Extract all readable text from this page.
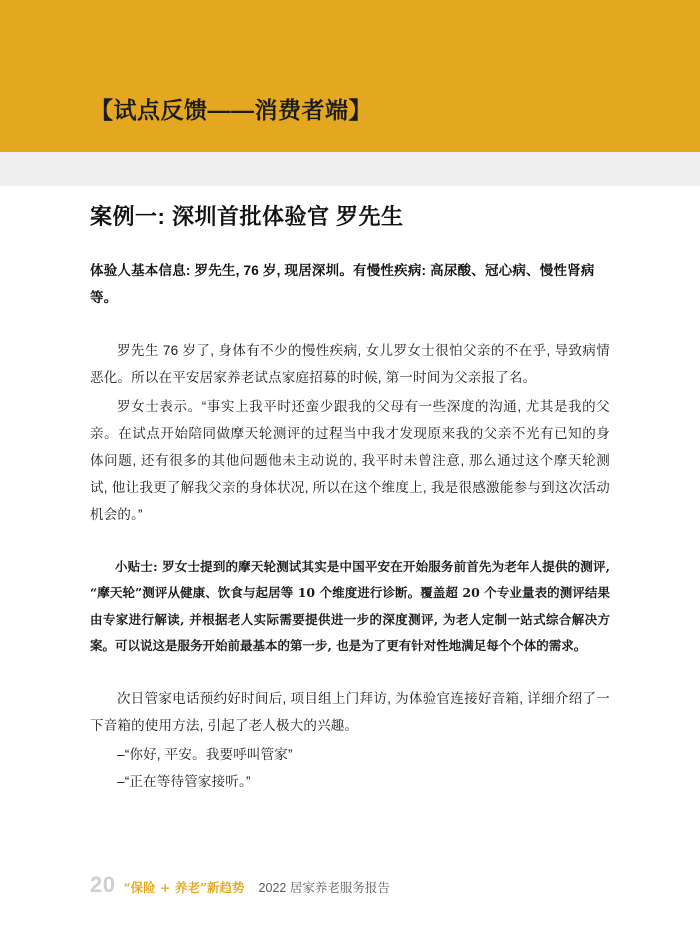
【试点反馈——消费者端】
案例一: 深圳首批体验官 罗先生

体验人基本信息: 罗先生, 76 岁, 现居深圳。有慢性疾病: 高尿酸、冠心病、慢性肾病等。

罗先生 76 岁了, 身体有不少的慢性疾病, 女儿罗女士很怕父亲的不在乎, 导致病情恶化。所以在平安居家养老试点家庭招募的时候, 第一时间为父亲报了名。

罗女士表示。“事实上我平时还蛮少跟我的父母有一些深度的沟通, 尤其是我的父亲。在试点开始陪同做摩天轮测评的过程当中我才发现原来我的父亲不光有已知的身体问题, 还有很多的其他问题他未主动说的, 我平时未曾注意, 那么通过这个摩天轮测试, 他让我更了解我父亲的身体状况, 所以在这个维度上, 我是很感激能参与到这次活动机会的。”

小贴士: 罗女士提到的摩天轮测试其实是中国平安在开始服务前首先为老年人提供的测评, “摩天轮”测评从健康、饮食与起居等 10 个维度进行诊断。覆盖超 20 个专业量表的测评结果由专家进行解读, 并根据老人实际需要提供进一步的深度测评, 为老人定制一站式综合解决方案。可以说这是服务开始前最基本的第一步, 也是为了更有针对性地满足每个个体的需求。

次日管家电话预约好时间后, 项目组上门拜访, 为体验官连接好音箱, 详细介绍了一下音箱的使用方法, 引起了老人极大的兴趣。

–“你好, 平安。我要呼叫管家”

–“正在等待管家接听。”

20 “保险 + 养老”新趋势 2022 居家养老服务报告
